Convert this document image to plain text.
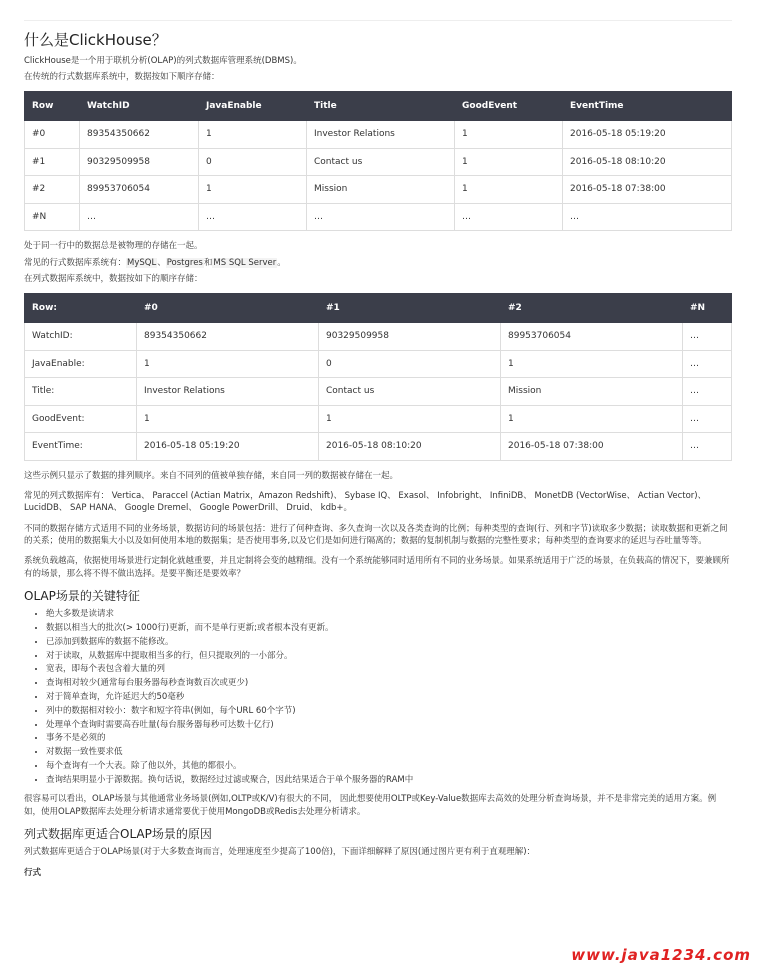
什么是ClickHouse？

ClickHouse是一个用于联机分析(OLAP)的列式数据库管理系统(DBMS)。

在传统的行式数据库系统中，数据按如下顺序存储：

Row	WatchID	JavaEnable	Title	GoodEvent	EventTime
#0	89354350662	1	Investor Relations	1	2016-05-18 05:19:20
#1	90329509958	0	Contact us	1	2016-05-18 08:10:20
#2	89953706054	1	Mission	1	2016-05-18 07:38:00
#N	…	…	…	…	…

处于同一行中的数据总是被物理的存储在一起。

常见的行式数据库系统有：MySQL、Postgres和MS SQL Server。

在列式数据库系统中，数据按如下的顺序存储：

Row:	#0	#1	#2	#N
WatchID:	89354350662	90329509958	89953706054	…
JavaEnable:	1	0	1	…
Title:	Investor Relations	Contact us	Mission	…
GoodEvent:	1	1	1	…
EventTime:	2016-05-18 05:19:20	2016-05-18 08:10:20	2016-05-18 07:38:00	…

这些示例只显示了数据的排列顺序。来自不同列的值被单独存储，来自同一列的数据被存储在一起。

常见的列式数据库有： Vertica、 Paraccel (Actian Matrix，Amazon Redshift)、 Sybase IQ、 Exasol、 Infobright、 InfiniDB、 MonetDB (VectorWise、 Actian Vector)、 LucidDB、 SAP HANA、 Google Dremel、 Google PowerDrill、 Druid、 kdb+。

不同的数据存储方式适用不同的业务场景，数据访问的场景包括：进行了何种查询、多久查询一次以及各类查询的比例；每种类型的查询(行、列和字节)读取多少数据；读取数据和更新之间的关系；使用的数据集大小以及如何使用本地的数据集；是否使用事务,以及它们是如何进行隔离的；数据的复制机制与数据的完整性要求；每种类型的查询要求的延迟与吞吐量等等。

系统负载越高，依据使用场景进行定制化就越重要，并且定制将会变的越精细。没有一个系统能够同时适用所有不同的业务场景。如果系统适用于广泛的场景，在负载高的情况下，要兼顾所有的场景，那么将不得不做出选择。是要平衡还是要效率？

OLAP场景的关键特征
• 绝大多数是读请求
• 数据以相当大的批次(> 1000行)更新，而不是单行更新;或者根本没有更新。
• 已添加到数据库的数据不能修改。
• 对于读取，从数据库中提取相当多的行，但只提取列的一小部分。
• 宽表，即每个表包含着大量的列
• 查询相对较少(通常每台服务器每秒查询数百次或更少)
• 对于简单查询，允许延迟大约50毫秒
• 列中的数据相对较小：数字和短字符串(例如，每个URL 60个字节)
• 处理单个查询时需要高吞吐量(每台服务器每秒可达数十亿行)
• 事务不是必须的
• 对数据一致性要求低
• 每个查询有一个大表。除了他以外，其他的都很小。
• 查询结果明显小于源数据。换句话说，数据经过过滤或聚合，因此结果适合于单个服务器的RAM中

很容易可以看出，OLAP场景与其他通常业务场景(例如,OLTP或K/V)有很大的不同， 因此想要使用OLTP或Key-Value数据库去高效的处理分析查询场景，并不是非常完美的适用方案。例如，使用OLAP数据库去处理分析请求通常要优于使用MongoDB或Redis去处理分析请求。

列式数据库更适合OLAP场景的原因

列式数据库更适合于OLAP场景(对于大多数查询而言，处理速度至少提高了100倍)，下面详细解释了原因(通过图片更有利于直观理解)：

行式

www.java1234.com
